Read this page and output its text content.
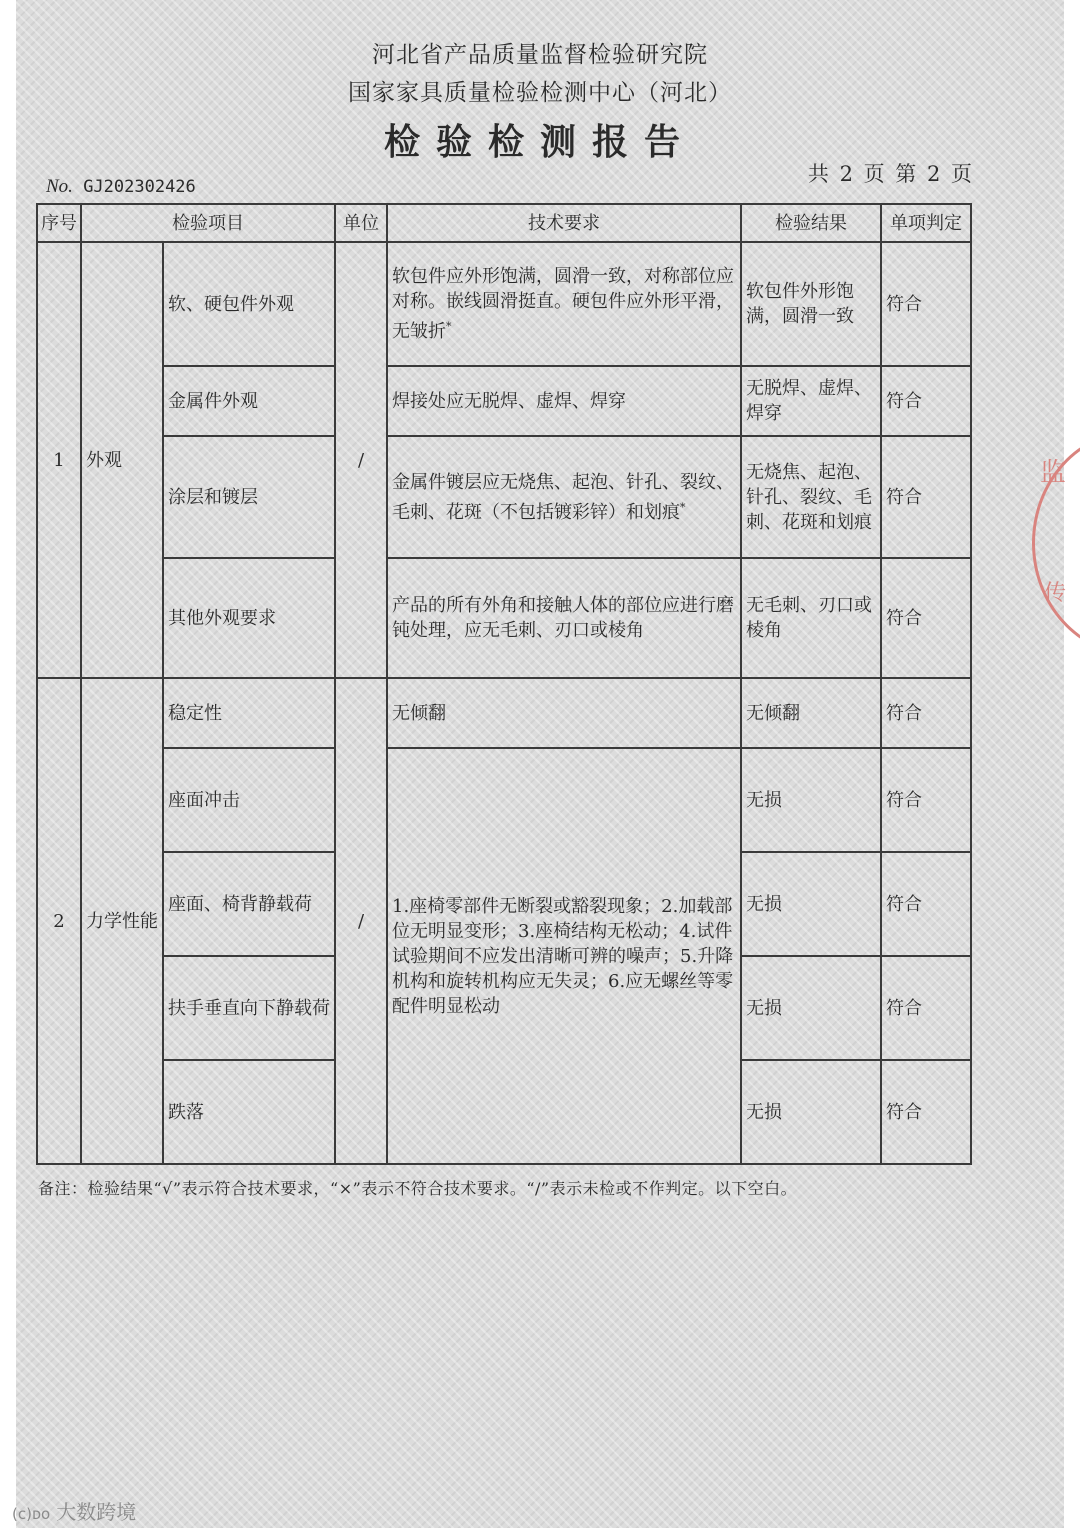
河北省产品质量监督检验研究院
国家家具质量检验检测中心（河北）
检验检测报告
共 2 页 第 2 页
No. GJ202302426
序号	检验项目		单位	技术要求	检验结果	单项判定
1	外观	软、硬包件外观	/	软包件应外形饱满，圆滑一致，对称部位应对称。嵌线圆滑挺直。硬包件应外形平滑，无皱折*	软包件外形饱满，圆滑一致	符合
		金属件外观		焊接处应无脱焊、虚焊、焊穿	无脱焊、虚焊、焊穿	符合
		涂层和镀层		金属件镀层应无烧焦、起泡、针孔、裂纹、毛刺、花斑（不包括镀彩锌）和划痕*	无烧焦、起泡、针孔、裂纹、毛刺、花斑和划痕	符合
		其他外观要求		产品的所有外角和接触人体的部位应进行磨钝处理，应无毛刺、刃口或棱角	无毛刺、刃口或棱角	符合
2	力学性能	稳定性	/	无倾翻	无倾翻	符合
		座面冲击		1.座椅零部件无断裂或豁裂现象；2.加载部位无明显变形；3.座椅结构无松动；4.试件试验期间不应发出清晰可辨的噪声；5.升降机构和旋转机构应无失灵；6.应无螺丝等零配件明显松动	无损	符合
		座面、椅背静载荷			无损	符合
		扶手垂直向下静载荷			无损	符合
		跌落			无损	符合
备注：检验结果“√”表示符合技术要求，“×”表示不符合技术要求。“/”表示未检或不作判定。以下空白。
监
传
(ᴄ)ᴅᴏ 大数跨境
